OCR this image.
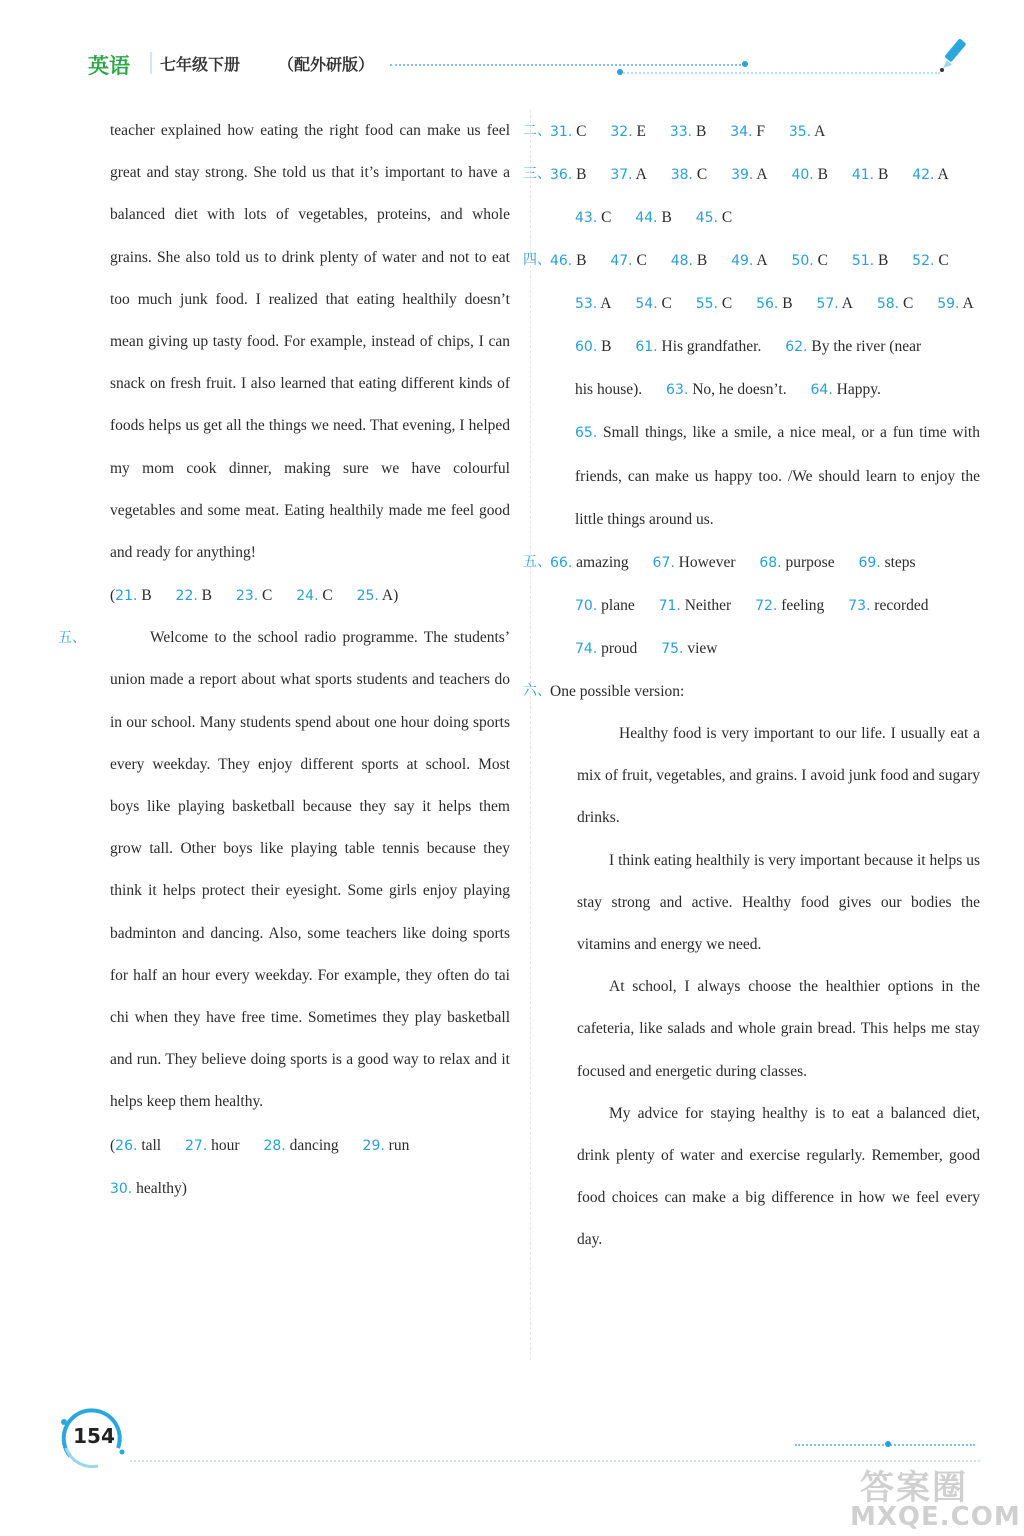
英语 七年级下册 （配外研版）

teacher explained how eating the right food can make us feel great and stay strong. She told us that it’s important to have a balanced diet with lots of vegetables, proteins, and whole grains. She also told us to drink plenty of water and not to eat too much junk food. I realized that eating healthily doesn’t mean giving up tasty food. For example, instead of chips, I can snack on fresh fruit. I also learned that eating different kinds of foods helps us get all the things we need. That evening, I helped my mom cook dinner, making sure we have colourful vegetables and some meat. Eating healthily made me feel good and ready for anything!

(21. B 22. B 23. C 24. C 25. A)
五、	Welcome to the school radio programme. The students’ union made a report about what sports students and teachers do in our school. Many students spend about one hour doing sports every weekday. They enjoy different sports at school. Most boys like playing basketball because they say it helps them grow tall. Other boys like playing table tennis because they think it helps protect their eyesight. Some girls enjoy playing badminton and dancing. Also, some teachers like doing sports for half an hour every weekday. For example, they often do tai chi when they have free time. Sometimes they play basketball and run. They believe doing sports is a good way to relax and it helps keep them healthy.

(26. tall 27. hour 28. dancing 29. run
30. healthy)
二、 31. C 32. E 33. B 34. F 35. A
三、 36. B 37. A 38. C 39. A 40. B 41. B 42. A
43. C 44. B 45. C
四、 46. B 47. C 48. B 49. A 50. C 51. B 52. C
53. A 54. C 55. C 56. B 57. A 58. C 59. A
60. B 61. His grandfather. 62. By the river (near
his house). 63. No, he doesn’t. 64. Happy.
65. Small things, like a smile, a nice meal, or a fun time with friends, can make us happy too. /We should learn to enjoy the little things around us.
五、 66. amazing 67. However 68. purpose 69. steps
70. plane 71. Neither 72. feeling 73. recorded
74. proud 75. view
六、 One possible version:

Healthy food is very important to our life. I usually eat a mix of fruit, vegetables, and grains. I avoid junk food and sugary drinks.

I think eating healthily is very important because it helps us stay strong and active. Healthy food gives our bodies the vitamins and energy we need.

At school, I always choose the healthier options in the cafeteria, like salads and whole grain bread. This helps me stay focused and energetic during classes.

My advice for staying healthy is to eat a balanced diet, drink plenty of water and exercise regularly. Remember, good food choices can make a big difference in how we feel every day.

154
答案圈
MXQE.COM
